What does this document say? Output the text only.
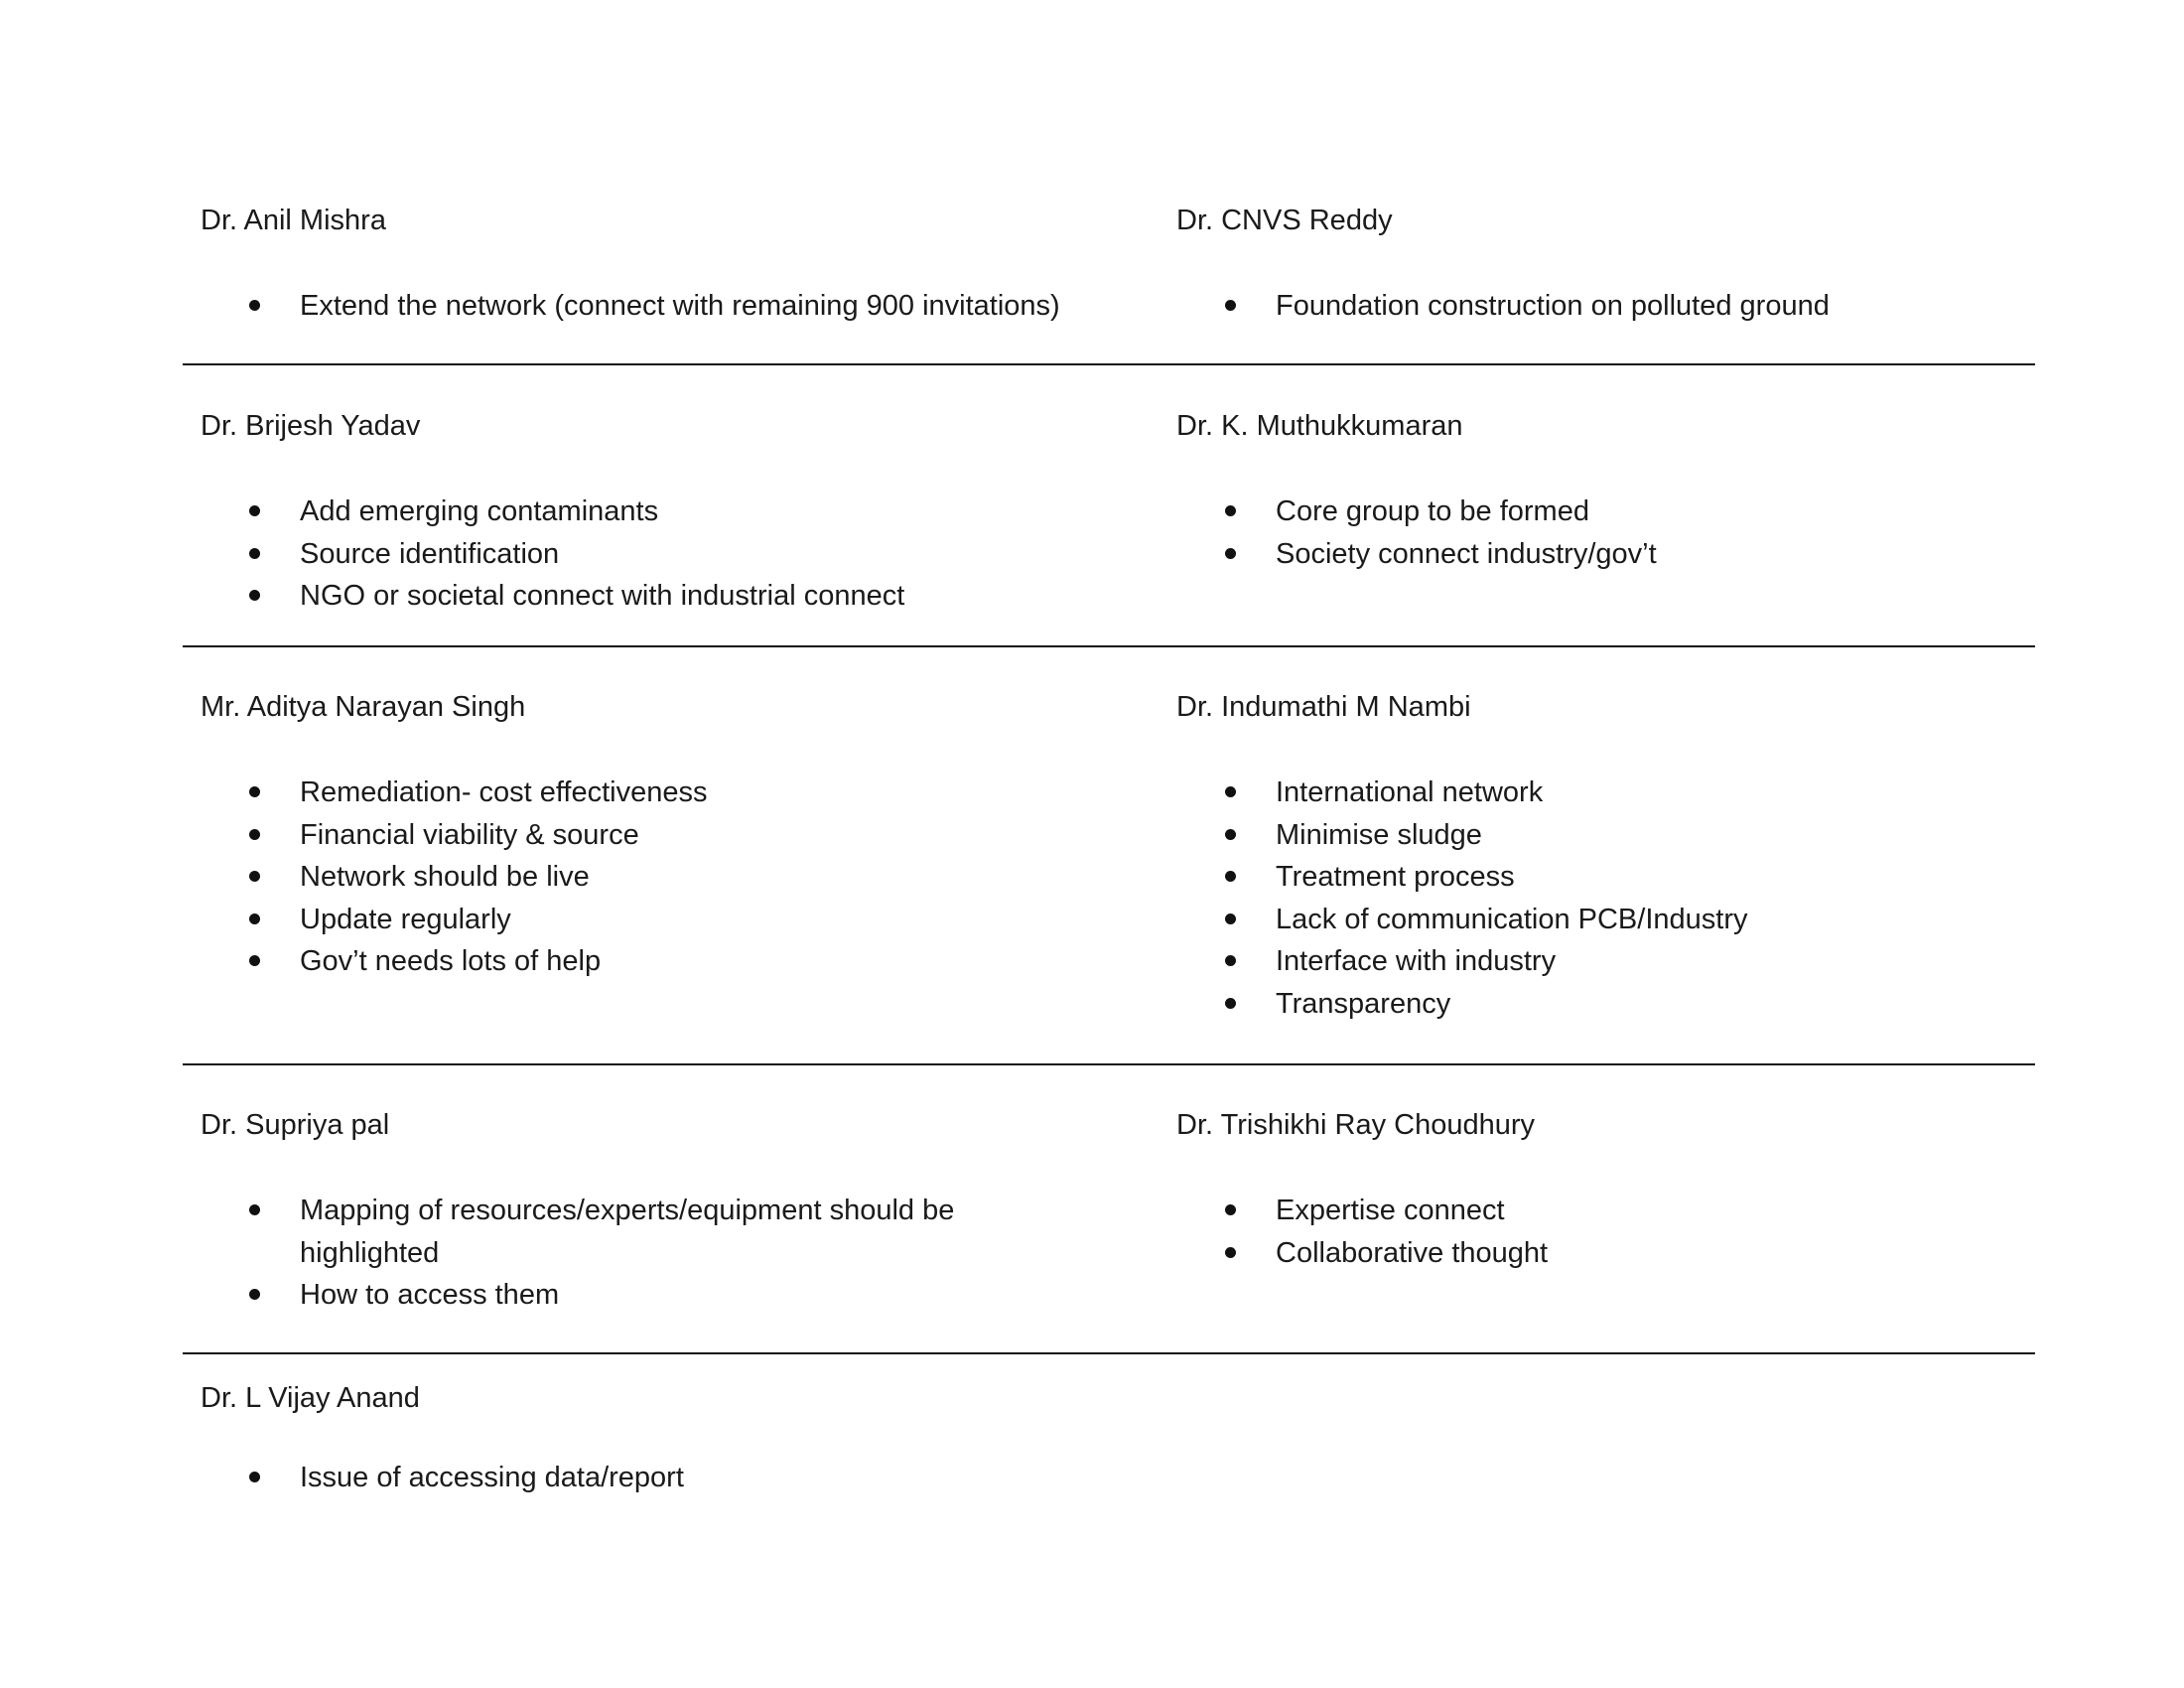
Dr. Anil Mishra
Extend the network (connect with remaining 900 invitations)
Dr. CNVS Reddy
Foundation construction on polluted ground
Dr. Brijesh Yadav
Add emerging contaminants
Source identification
NGO or societal connect with industrial connect
Dr. K. Muthukkumaran
Core group to be formed
Society connect industry/gov’t
Mr. Aditya Narayan Singh
Remediation- cost effectiveness
Financial viability & source
Network should be live
Update regularly
Gov’t needs lots of help
Dr. Indumathi M Nambi
International network
Minimise sludge
Treatment process
Lack of communication PCB/Industry
Interface with industry
Transparency
Dr. Supriya pal
Mapping of resources/experts/equipment should be highlighted
How to access them
Dr. Trishikhi Ray Choudhury
Expertise connect
Collaborative thought
Dr. L Vijay Anand
Issue of accessing data/report
